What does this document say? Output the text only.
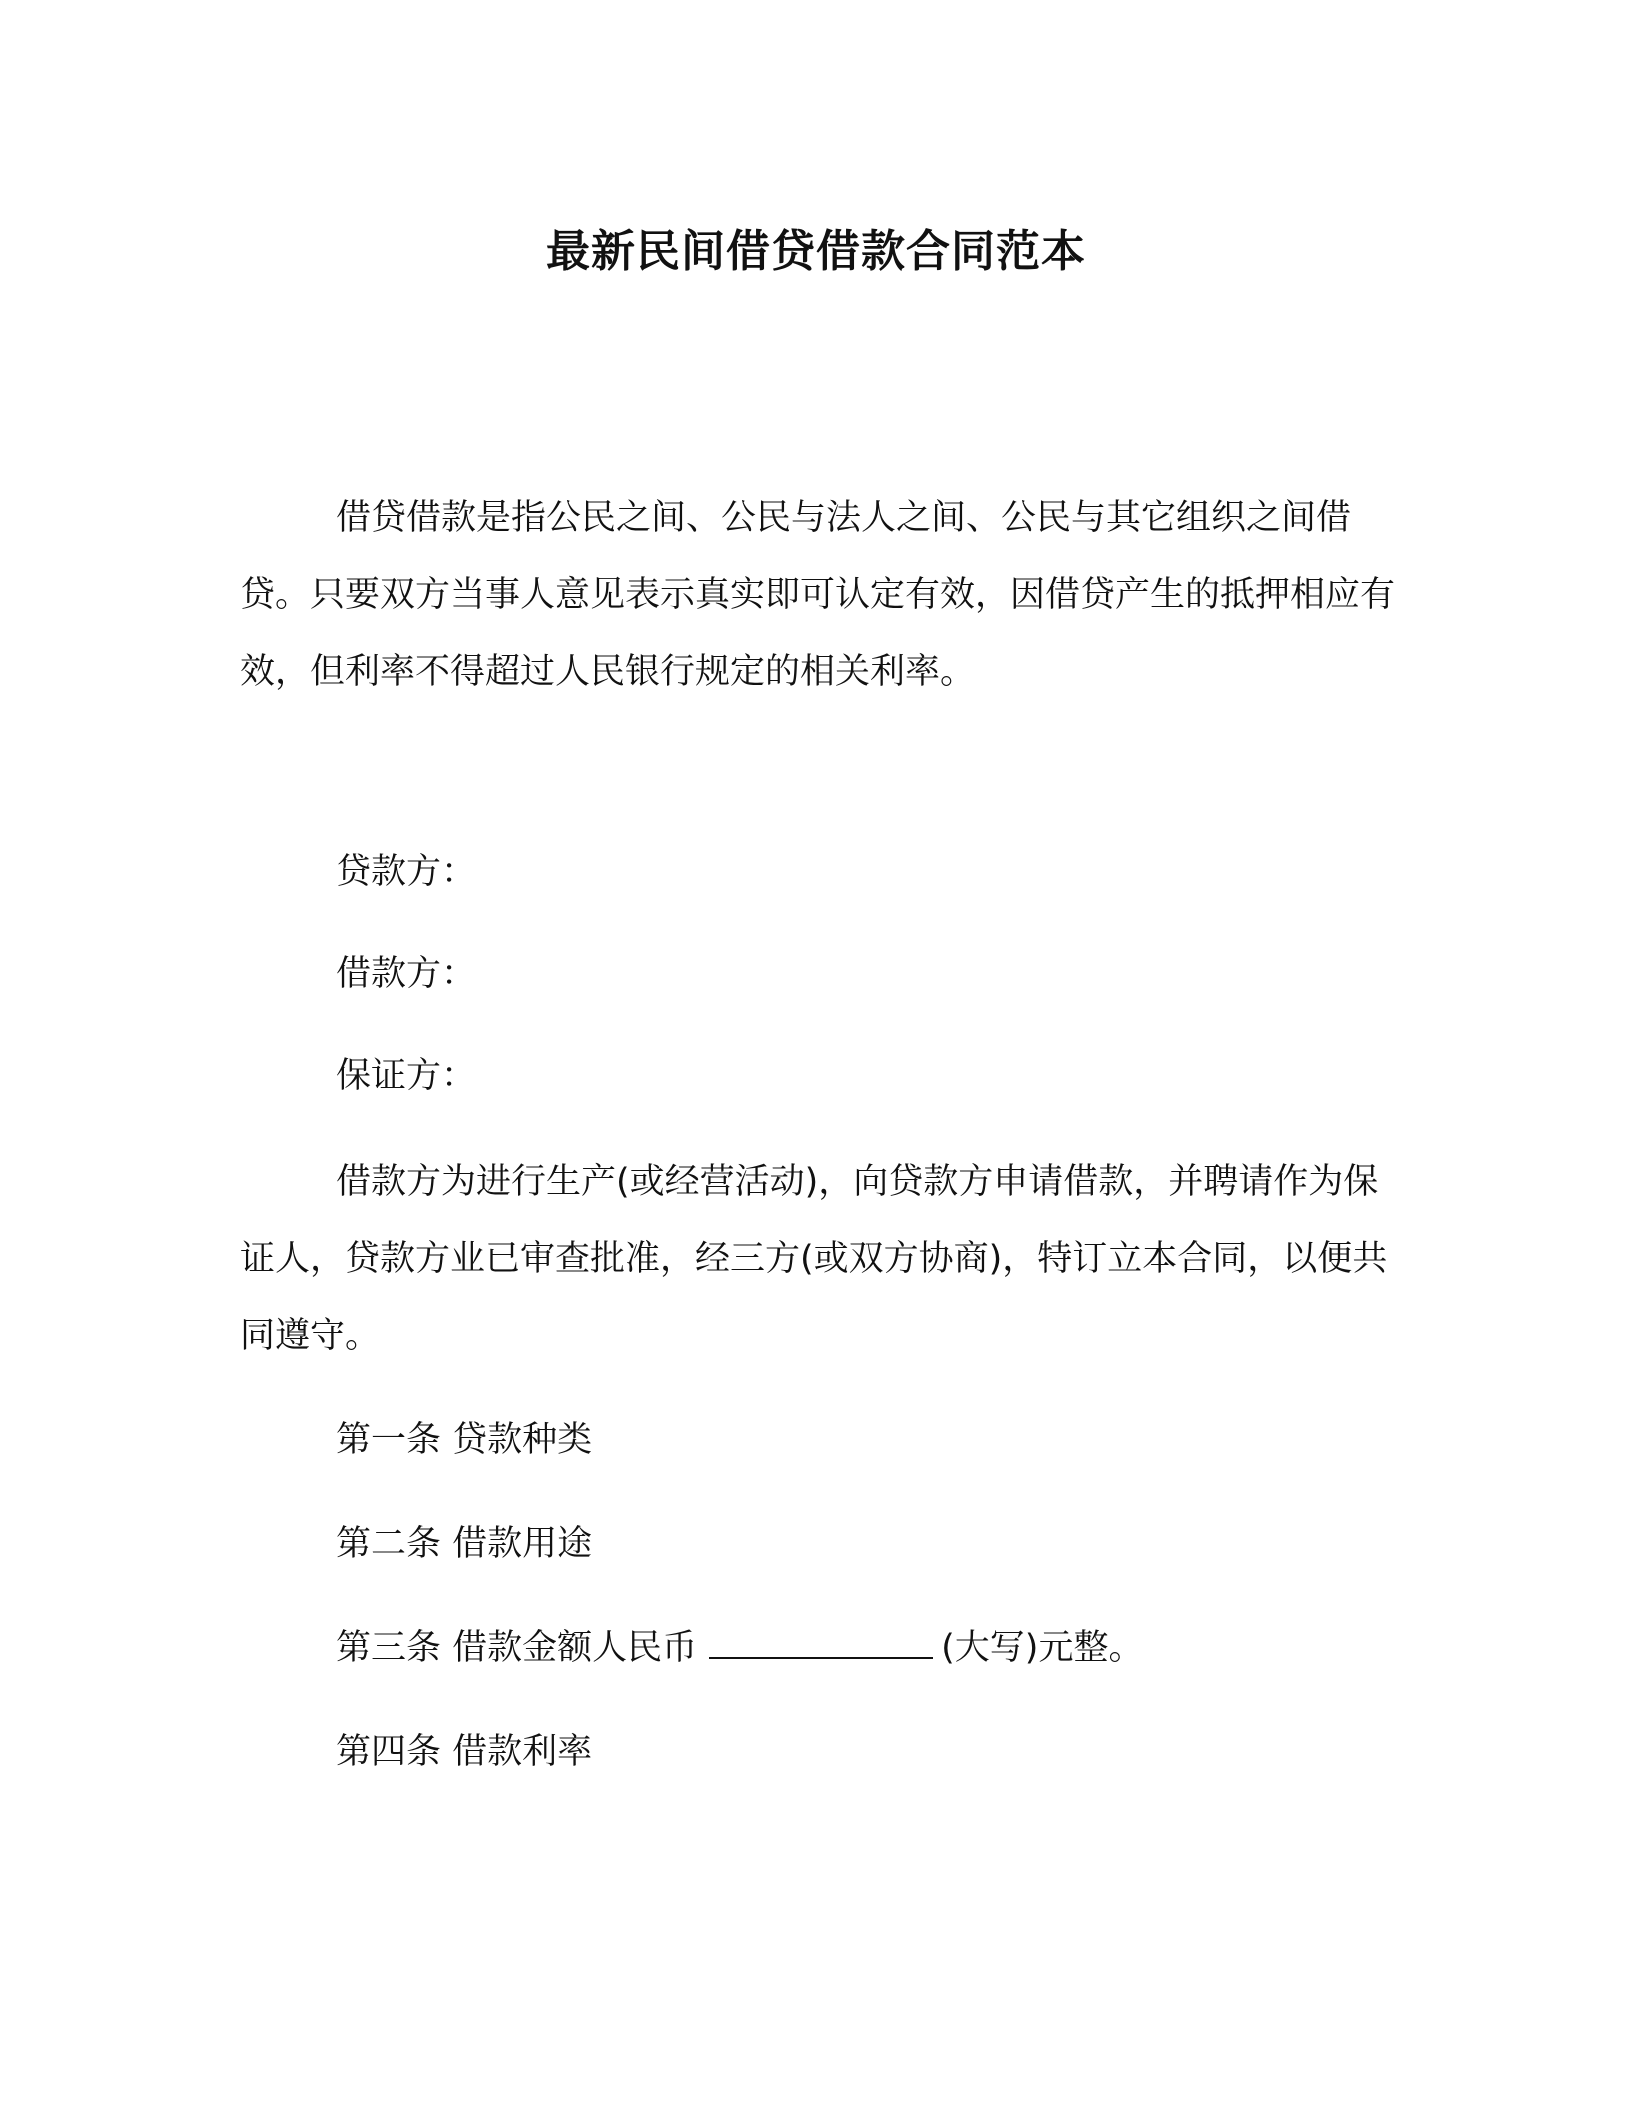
最新民间借贷借款合同范本
借贷借款是指公民之间、公民与法人之间、公民与其它组织之间借贷。只要双方当事人意见表示真实即可认定有效，因借贷产生的抵押相应有效，但利率不得超过人民银行规定的相关利率。
贷款方：
借款方：
保证方：
借款方为进行生产(或经营活动)，向贷款方申请借款，并聘请作为保证人，贷款方业已审查批准，经三方(或双方协商)，特订立本合同，以便共同遵守。
第一条 贷款种类
第二条 借款用途
第三条 借款金额人民币	(大写)元整。
第四条 借款利率
